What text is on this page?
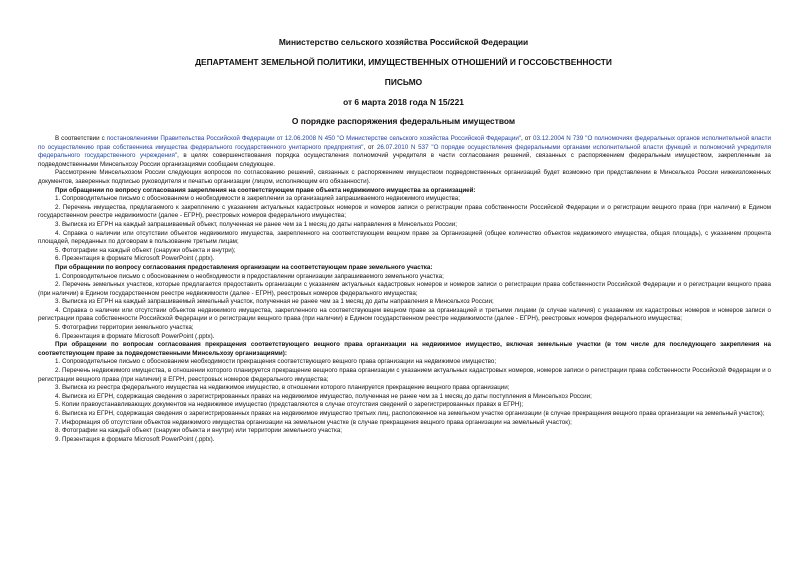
Министерство сельского хозяйства Российской Федерации
ДЕПАРТАМЕНТ ЗЕМЕЛЬНОЙ ПОЛИТИКИ, ИМУЩЕСТВЕННЫХ ОТНОШЕНИЙ И ГОССОБСТВЕННОСТИ
ПИСЬМО
от 6 марта 2018 года N 15/221
О порядке распоряжения федеральным имуществом

В соответствии с постановлениями Правительства Российской Федерации от 12.06.2008 N 450 "О Министерстве сельского хозяйства Российской Федерации", от 03.12.2004 N 739 "О полномочиях федеральных органов исполнительной власти по осуществлению прав собственника имущества федерального государственного унитарного предприятия", от 26.07.2010 N 537 "О порядке осуществления федеральными органами исполнительной власти функций и полномочий учредителя федерального государственного учреждения", в целях совершенствования порядка осуществления полномочий учредителя в части согласования решений, связанных с распоряжением федеральным имуществом, закрепленным за подведомственными Минсельхозу России организациями сообщаем следующее.

Рассмотрение Минсельхозом России следующих вопросов по согласованию решений, связанных с распоряжением имуществом подведомственных организаций будет возможно при представлении в Минсельхоз России нижеизложенных документов, заверенных подписью руководителя и печатью организации (лицом, исполняющим его обязанности).

При обращении по вопросу согласования закрепления на соответствующем праве объекта недвижимого имущества за организацией:

1. Сопроводительное письмо с обоснованием о необходимости в закреплении за организацией запрашиваемого недвижимого имущества;

2. Перечень имущества, предлагаемого к закреплению с указанием актуальных кадастровых номеров и номеров записи о регистрации права собственности Российской Федерации и о регистрации вещного права (при наличии) в Едином государственном реестре недвижимости (далее - ЕГРН), реестровых номеров федерального имущества;

3. Выписка из ЕГРН на каждый запрашиваемый объект, полученная не ранее чем за 1 месяц до даты направления в Минсельхоз России;

4. Справка о наличии или отсутствии объектов недвижимого имущества, закрепленного на соответствующем вещном праве за Организацией (общее количество объектов недвижимого имущества, общая площадь), с указанием процента площадей, переданных по договорам в пользование третьим лицам;

5. Фотографии на каждый объект (снаружи объекта и внутри);

6. Презентация в формате Microsoft PowerPoint (.pptx).

При обращении по вопросу согласования предоставления организации на соответствующем праве земельного участка:

1. Сопроводительное письмо с обоснованием о необходимости в предоставлении организации запрашиваемого земельного участка;

2. Перечень земельных участков, которые предлагается предоставить организации с указанием актуальных кадастровых номеров и номеров записи о регистрации права собственности Российской Федерации и о регистрации вещного права (при наличии) в Едином государственном реестре недвижимости (далее - ЕГРН), реестровых номеров федерального имущества;

3. Выписка из ЕГРН на каждый запрашиваемый земельный участок, полученная не ранее чем за 1 месяц до даты направления в Минсельхоз России;

4. Справка о наличии или отсутствии объектов недвижимого имущества, закрепленного на соответствующем вещном праве за организацией и третьими лицами (в случае наличия) с указанием их кадастровых номеров и номеров записи о регистрации права собственности Российской Федерации и о регистрации вещного права (при наличии) в Едином государственном реестре недвижимости (далее - ЕГРН), реестровых номеров федерального имущества;

5. Фотографии территории земельного участка;

6. Презентация в формате Microsoft PowerPoint (.pptx).

При обращении по вопросам согласования прекращения соответствующего вещного права организации на недвижимое имущество, включая земельные участки (в том числе для последующего закрепления на соответствующем праве за подведомственными Минсельхозу организациями):

1. Сопроводительное письмо с обоснованием необходимости прекращения соответствующего вещного права организации на недвижимое имущество;

2. Перечень недвижимого имущества, в отношении которого планируется прекращение вещного права организации с указанием актуальных кадастровых номеров, номеров записи о регистрации права собственности Российской Федерации и о регистрации вещного права (при наличии) в ЕГРН, реестровых номеров федерального имущества;

3. Выписка из реестра федерального имущества на недвижимое имущество, в отношении которого планируется прекращение вещного права организации;

4. Выписка из ЕГРН, содержащая сведения о зарегистрированных правах на недвижимое имущество, полученная не ранее чем за 1 месяц до даты поступления в Минсельхоз России;

5. Копии правоустанавливающих документов на недвижимое имущество (представляются в случае отсутствия сведений о зарегистрированных правах в ЕГРН);

6. Выписка из ЕГРН, содержащая сведения о зарегистрированных правах на недвижимое имущество третьих лиц, расположенное на земельном участке организации (в случае прекращения вещного права организации на земельный участок);

7. Информация об отсутствии объектов недвижимого имущества организации на земельном участке (в случае прекращения вещного права организации на земельный участок);

8. Фотографии на каждый объект (снаружи объекта и внутри) или территории земельного участка;

9. Презентация в формате Microsoft PowerPoint (.pptx).
